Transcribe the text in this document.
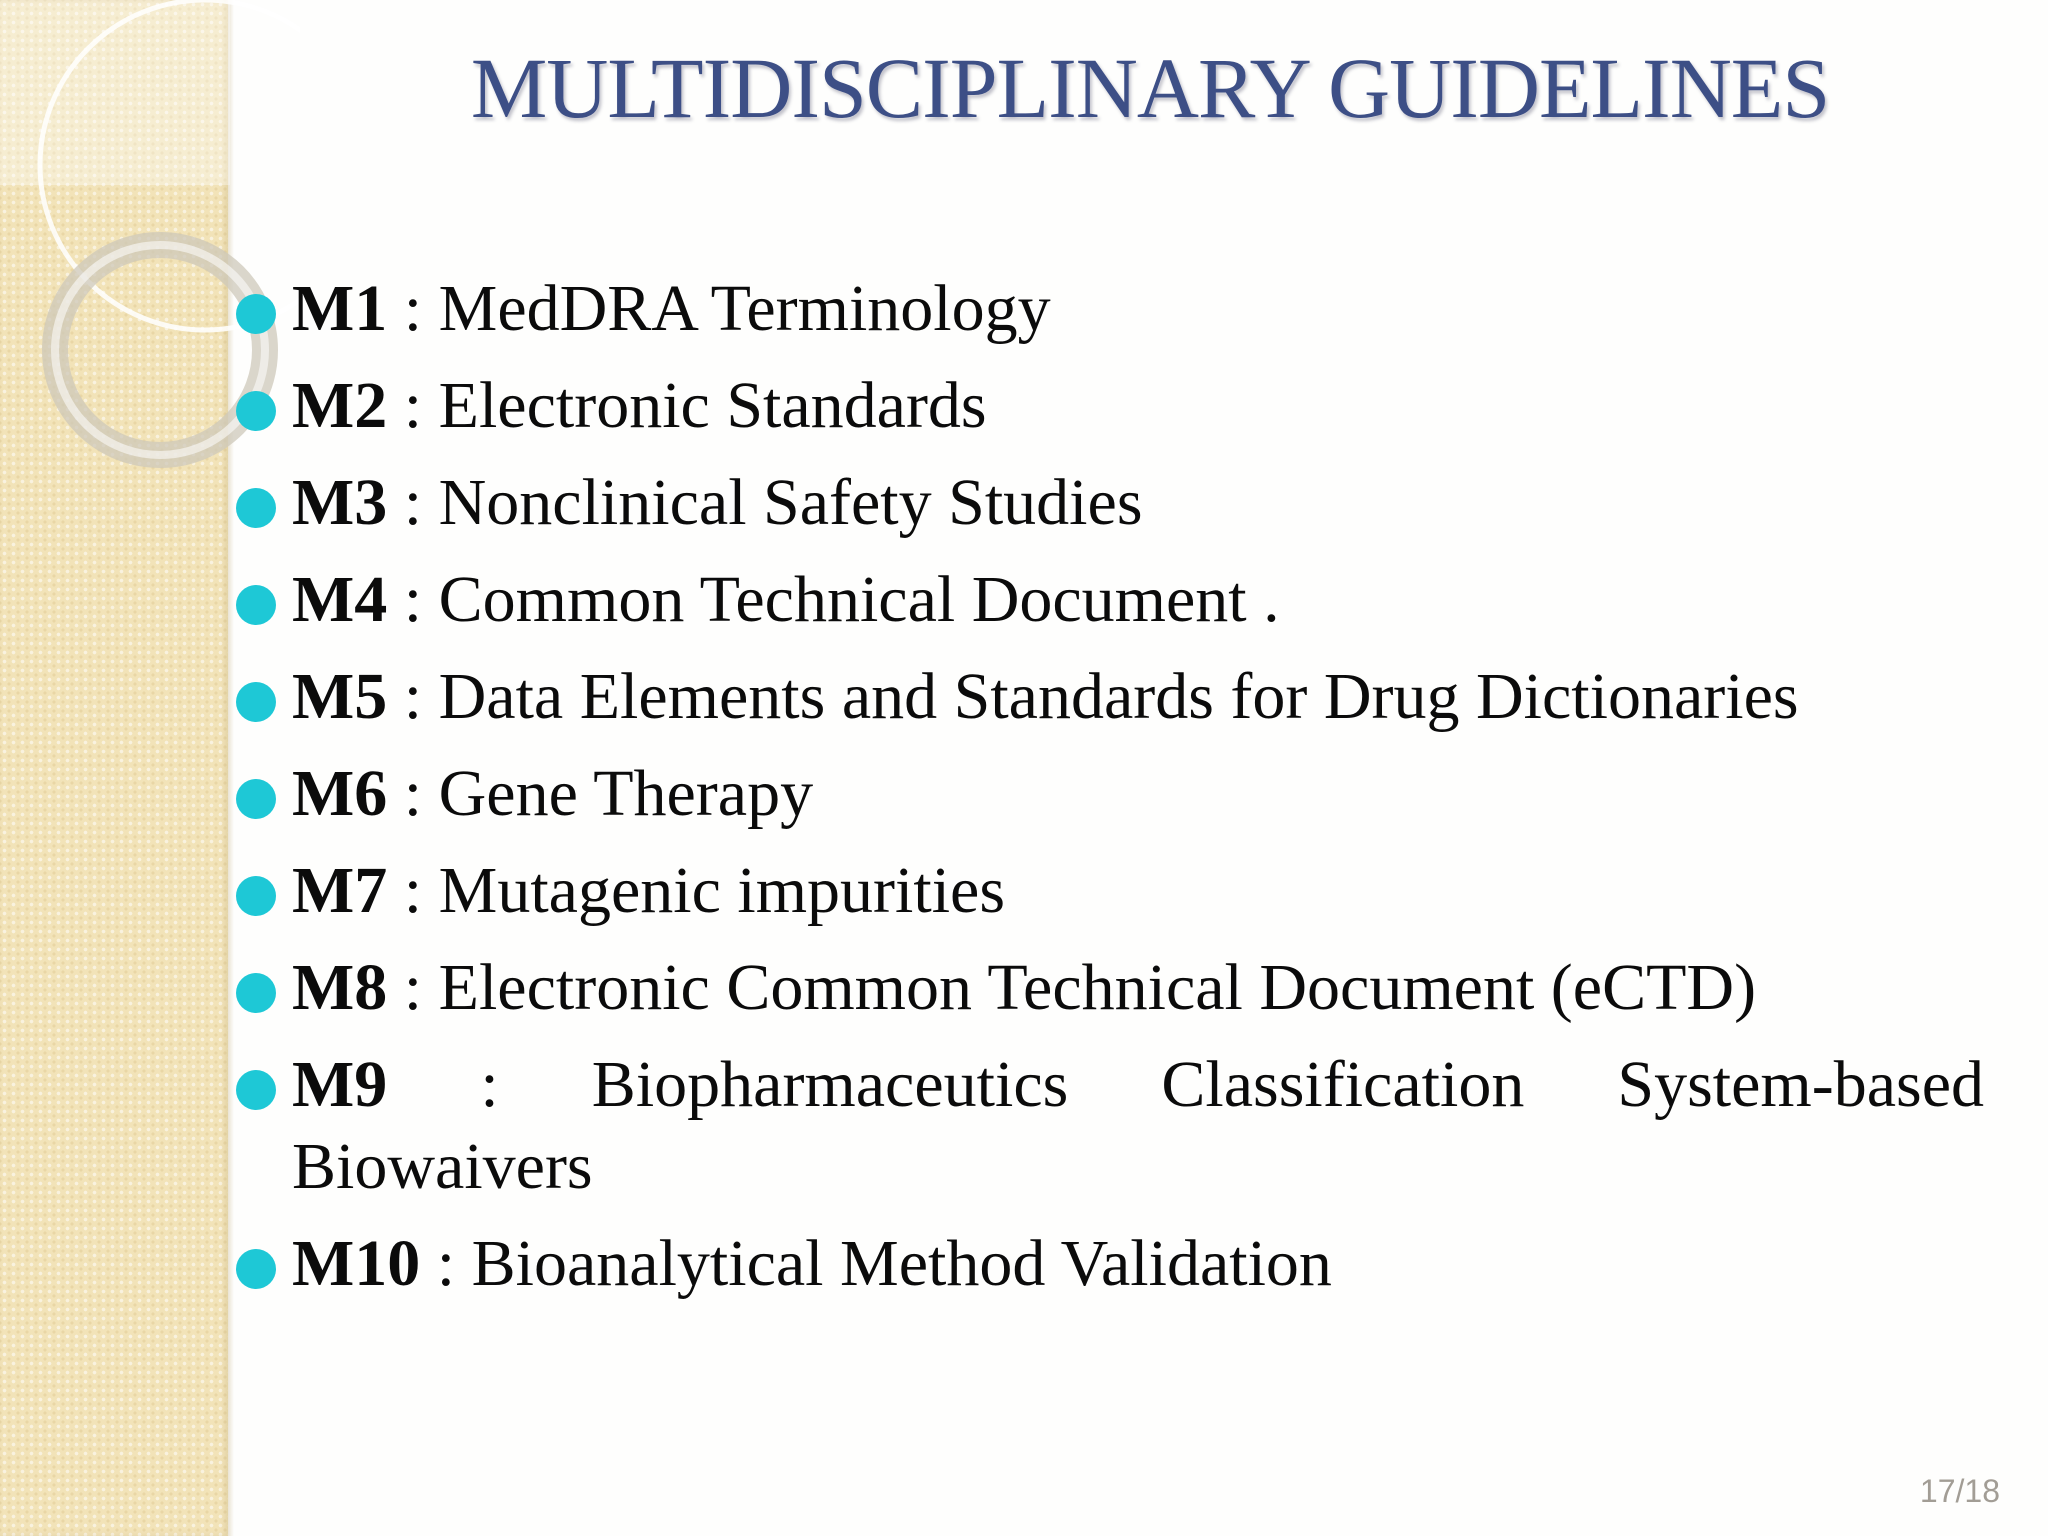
MULTIDISCIPLINARY GUIDELINES
M1 : MedDRA Terminology
M2 : Electronic Standards
M3 : Nonclinical Safety Studies
M4 : Common Technical Document .
M5 : Data Elements and Standards for Drug Dictionaries
M6 : Gene Therapy
M7 : Mutagenic impurities
M8 : Electronic Common Technical Document (eCTD)
M9 : Biopharmaceutics Classification System-based Biowaivers
M10 : Bioanalytical Method Validation
17/18
